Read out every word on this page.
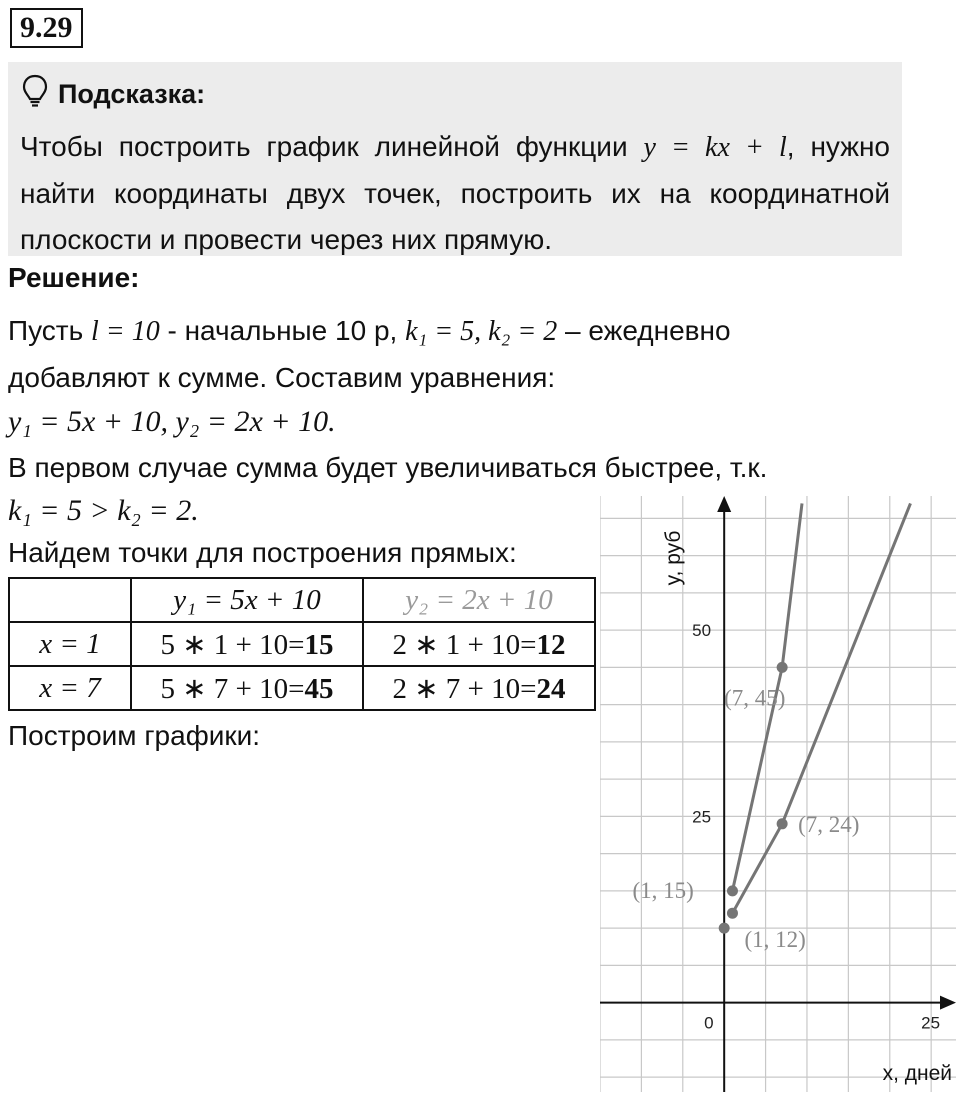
9.29
Подсказка:
Чтобы построить график линейной функции y = kx + l, нужно найти координаты двух точек, построить их на координатной плоскости и провести через них прямую.
Решение:
Пусть l = 10 - начальные 10 р, k₁ = 5, k₂ = 2 – ежедневно
добавляют к сумме. Составим уравнения:
y₁ = 5x + 10, y₂ = 2x + 10.
В первом случае сумма будет увеличиваться быстрее, т.к.
k₁ = 5 > k₂ = 2.
Найдем точки для построения прямых:
	y₁ = 5x + 10	y₂ = 2x + 10
x = 1	5 ∗ 1 + 10=15	2 ∗ 1 + 10=12
x = 7	5 ∗ 7 + 10=45	2 ∗ 7 + 10=24
Построим графики:
0	25
25
50
x, дней
y, руб
(1, 15)
(1, 12)
(7, 45)
(7, 24)
